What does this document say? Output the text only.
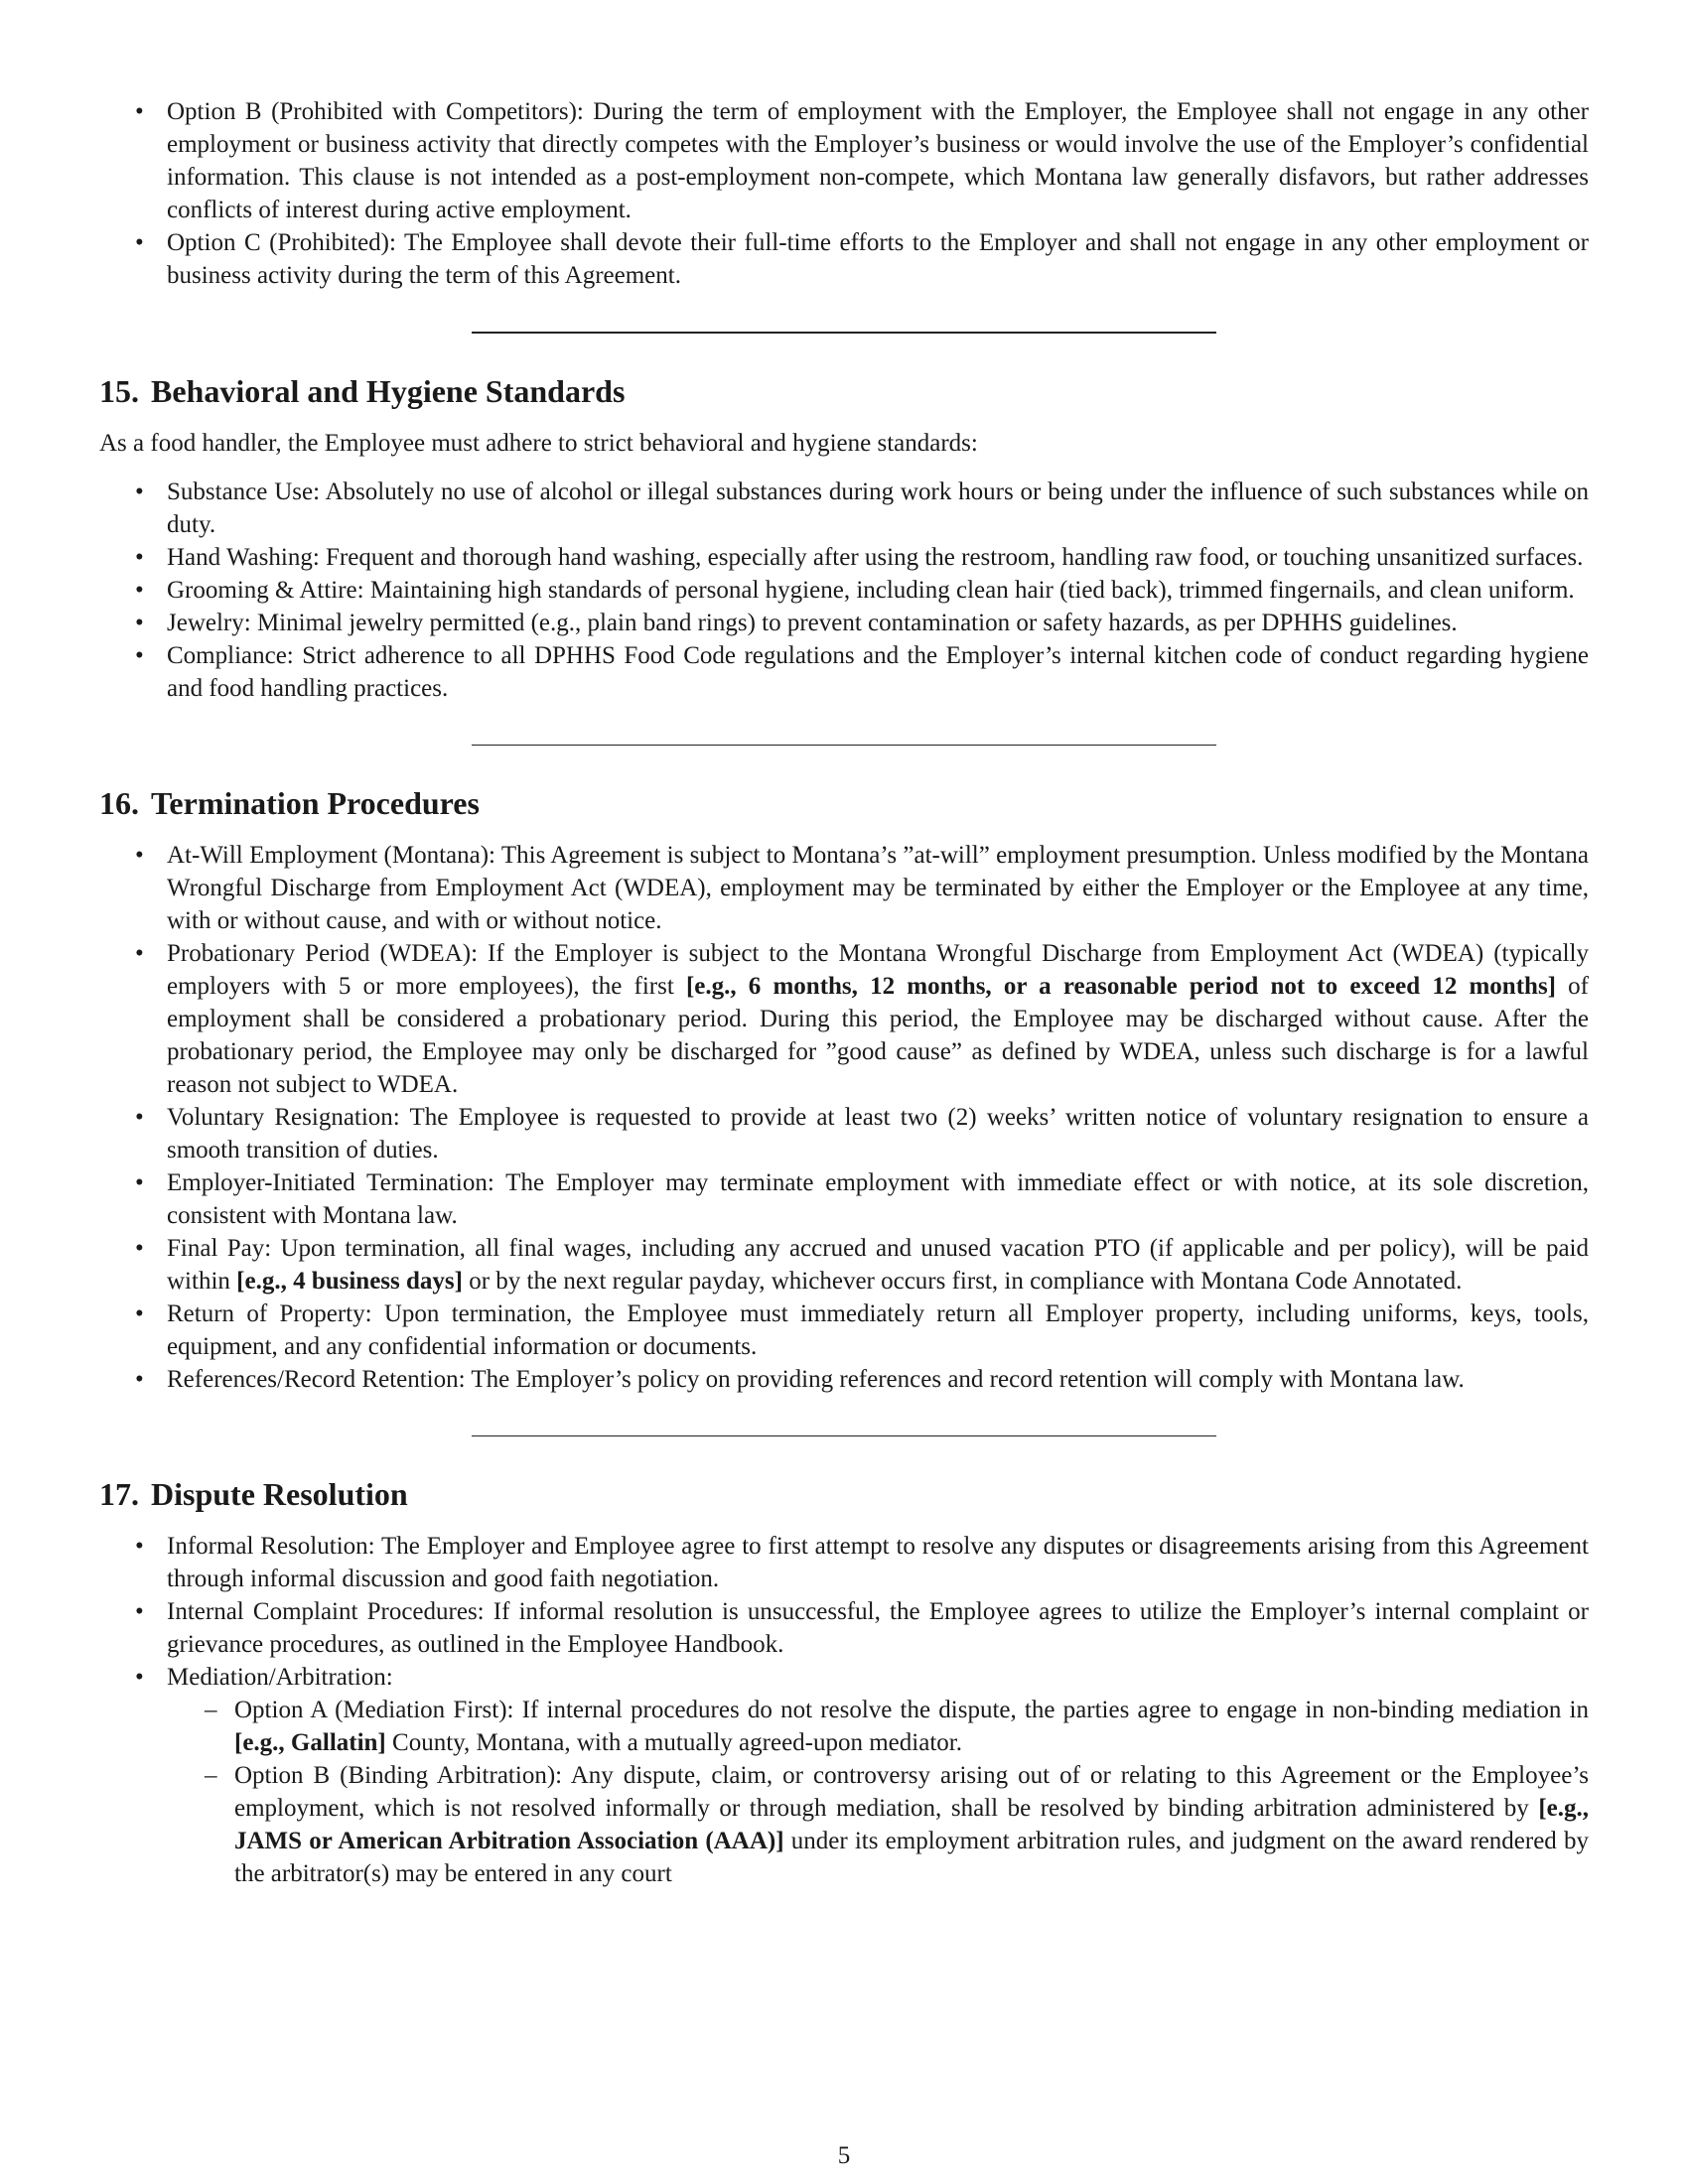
• Option B (Prohibited with Competitors): During the term of employment with the Employer, the Employee shall not engage in any other employment or business activity that directly competes with the Employer’s business or would involve the use of the Employer’s confidential information. This clause is not intended as a post-employment non-compete, which Montana law generally disfavors, but rather addresses conflicts of interest during active employment.
• Option C (Prohibited): The Employee shall devote their full-time efforts to the Employer and shall not engage in any other employment or business activity during the term of this Agreement.
15. Behavioral and Hygiene Standards

As a food handler, the Employee must adhere to strict behavioral and hygiene standards:

• Substance Use: Absolutely no use of alcohol or illegal substances during work hours or being under the influence of such substances while on duty.
• Hand Washing: Frequent and thorough hand washing, especially after using the restroom, handling raw food, or touching unsanitized surfaces.
• Grooming & Attire: Maintaining high standards of personal hygiene, including clean hair (tied back), trimmed fingernails, and clean uniform.
• Jewelry: Minimal jewelry permitted (e.g., plain band rings) to prevent contamination or safety hazards, as per DPHHS guidelines.
• Compliance: Strict adherence to all DPHHS Food Code regulations and the Employer’s internal kitchen code of conduct regarding hygiene and food handling practices.
16. Termination Procedures
• At-Will Employment (Montana): This Agreement is subject to Montana’s ”at-will” employment presumption. Unless modified by the Montana Wrongful Discharge from Employment Act (WDEA), employment may be terminated by either the Employer or the Employee at any time, with or without cause, and with or without notice.
• Probationary Period (WDEA): If the Employer is subject to the Montana Wrongful Discharge from Employment Act (WDEA) (typically employers with 5 or more employees), the first [e.g., 6 months, 12 months, or a reasonable period not to exceed 12 months] of employment shall be considered a probationary period. During this period, the Employee may be discharged without cause. After the probationary period, the Employee may only be discharged for ”good cause” as defined by WDEA, unless such discharge is for a lawful reason not subject to WDEA.
• Voluntary Resignation: The Employee is requested to provide at least two (2) weeks’ written notice of voluntary resignation to ensure a smooth transition of duties.
• Employer-Initiated Termination: The Employer may terminate employment with immediate effect or with notice, at its sole discretion, consistent with Montana law.
• Final Pay: Upon termination, all final wages, including any accrued and unused vacation PTO (if applicable and per policy), will be paid within [e.g., 4 business days] or by the next regular payday, whichever occurs first, in compliance with Montana Code Annotated.
• Return of Property: Upon termination, the Employee must immediately return all Employer property, including uniforms, keys, tools, equipment, and any confidential information or documents.
• References/Record Retention: The Employer’s policy on providing references and record retention will comply with Montana law.
17. Dispute Resolution
• Informal Resolution: The Employer and Employee agree to first attempt to resolve any disputes or disagreements arising from this Agreement through informal discussion and good faith negotiation.
• Internal Complaint Procedures: If informal resolution is unsuccessful, the Employee agrees to utilize the Employer’s internal complaint or grievance procedures, as outlined in the Employee Handbook.
• Mediation/Arbitration:
– Option A (Mediation First): If internal procedures do not resolve the dispute, the parties agree to engage in non-binding mediation in [e.g., Gallatin] County, Montana, with a mutually agreed-upon mediator.
– Option B (Binding Arbitration): Any dispute, claim, or controversy arising out of or relating to this Agreement or the Employee’s employment, which is not resolved informally or through mediation, shall be resolved by binding arbitration administered by [e.g., JAMS or American Arbitration Association (AAA)] under its employment arbitration rules, and judgment on the award rendered by the arbitrator(s) may be entered in any court
5
